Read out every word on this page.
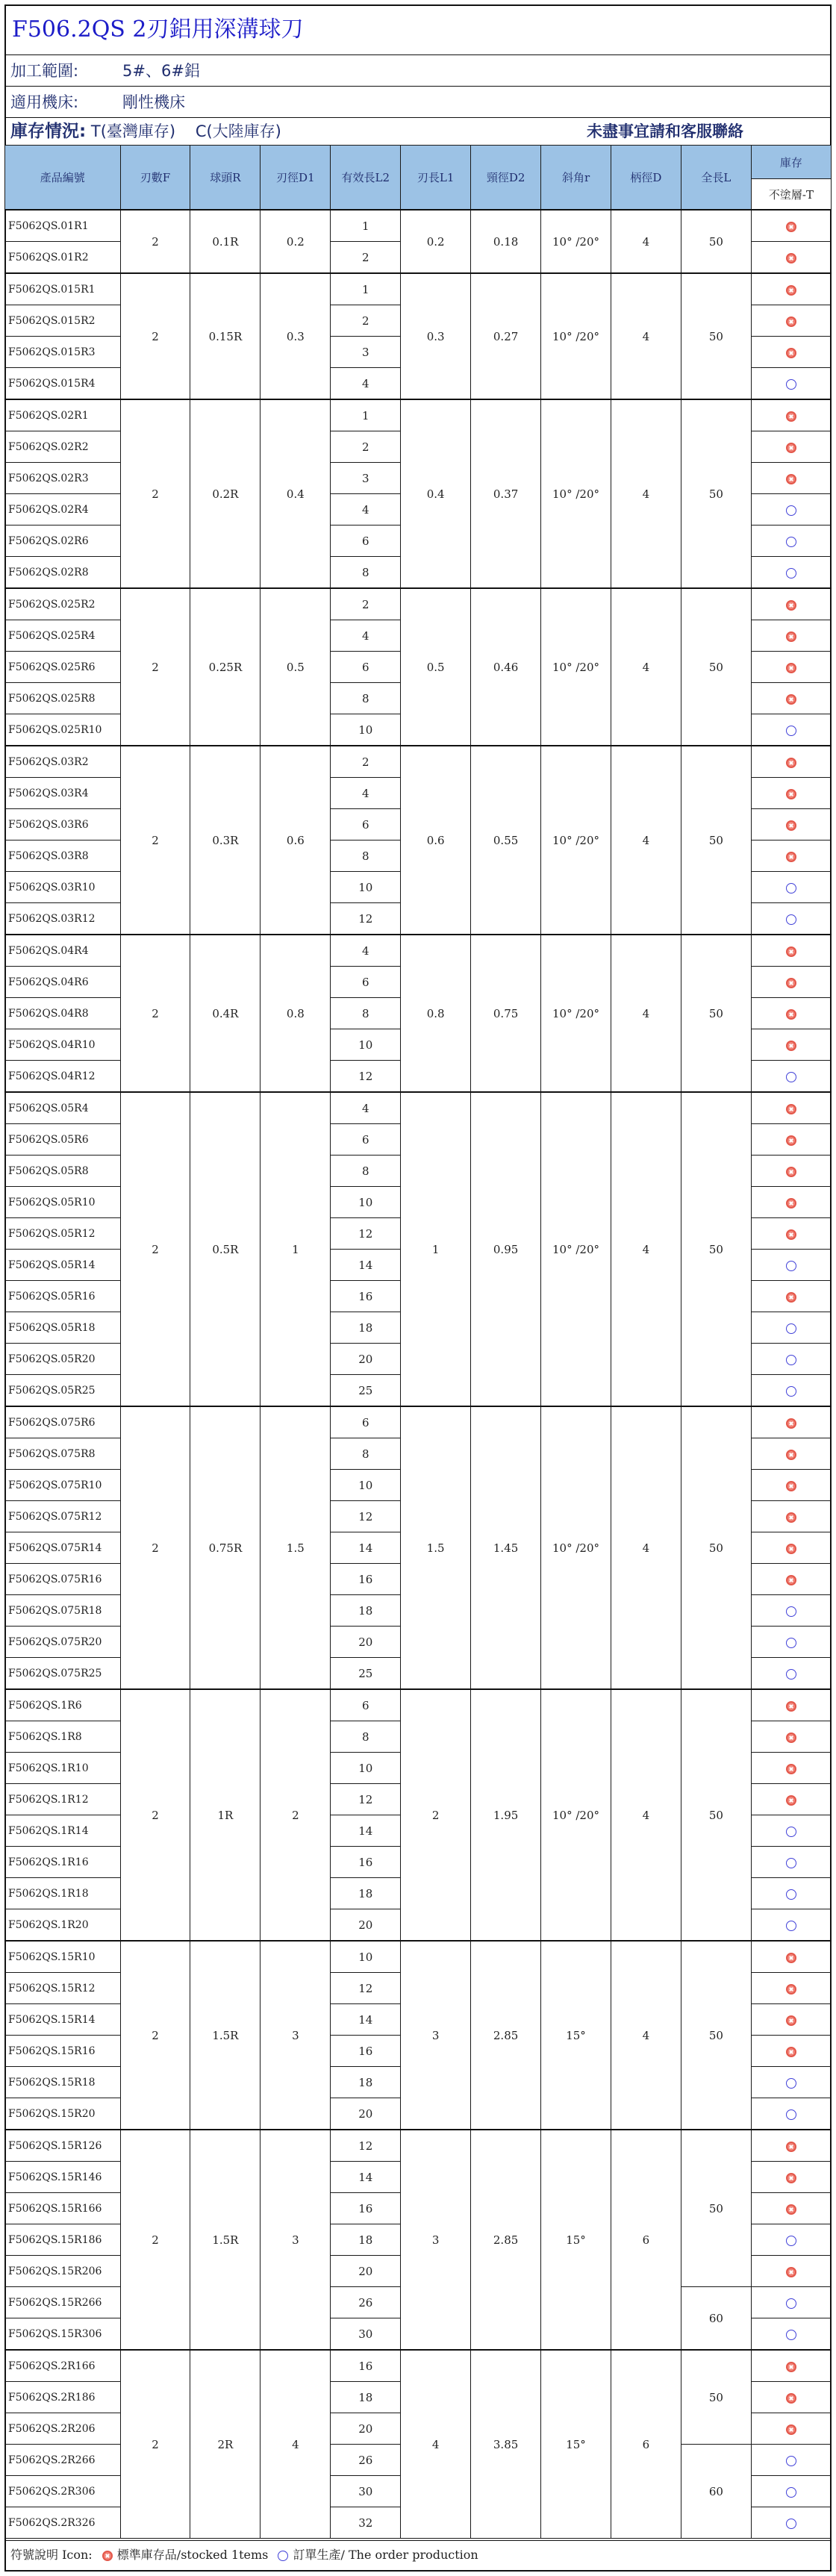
F506.2QS 2刃鋁用深溝球刀
加工範圍:	5#、6#鋁
適用機床:	剛性機床
庫存情況: T(臺灣庫存) C(大陸庫存)	未盡事宜請和客服聯絡
產品編號	刃數F	球頭R	刃徑D1	有效長L2	刃長L1	頸徑D2	斜角r	柄徑D	全長L	庫存
										不塗層-T
F5062QS.01R1	2	0.1R	0.2	1	0.2	0.18	10° /20°	4	50	
F5062QS.01R2				2						
F5062QS.015R1	2	0.15R	0.3	1	0.3	0.27	10° /20°	4	50	
F5062QS.015R2				2						
F5062QS.015R3				3						
F5062QS.015R4				4						
F5062QS.02R1	2	0.2R	0.4	1	0.4	0.37	10° /20°	4	50	
F5062QS.02R2				2						
F5062QS.02R3				3						
F5062QS.02R4				4						
F5062QS.02R6				6						
F5062QS.02R8				8						
F5062QS.025R2	2	0.25R	0.5	2	0.5	0.46	10° /20°	4	50	
F5062QS.025R4				4						
F5062QS.025R6				6						
F5062QS.025R8				8						
F5062QS.025R10				10						
F5062QS.03R2	2	0.3R	0.6	2	0.6	0.55	10° /20°	4	50	
F5062QS.03R4				4						
F5062QS.03R6				6						
F5062QS.03R8				8						
F5062QS.03R10				10						
F5062QS.03R12				12						
F5062QS.04R4	2	0.4R	0.8	4	0.8	0.75	10° /20°	4	50	
F5062QS.04R6				6						
F5062QS.04R8				8						
F5062QS.04R10				10						
F5062QS.04R12				12						
F5062QS.05R4	2	0.5R	1	4	1	0.95	10° /20°	4	50	
F5062QS.05R6				6						
F5062QS.05R8				8						
F5062QS.05R10				10						
F5062QS.05R12				12						
F5062QS.05R14				14						
F5062QS.05R16				16						
F5062QS.05R18				18						
F5062QS.05R20				20						
F5062QS.05R25				25						
F5062QS.075R6	2	0.75R	1.5	6	1.5	1.45	10° /20°	4	50	
F5062QS.075R8				8						
F5062QS.075R10				10						
F5062QS.075R12				12						
F5062QS.075R14				14						
F5062QS.075R16				16						
F5062QS.075R18				18						
F5062QS.075R20				20						
F5062QS.075R25				25						
F5062QS.1R6	2	1R	2	6	2	1.95	10° /20°	4	50	
F5062QS.1R8				8						
F5062QS.1R10				10						
F5062QS.1R12				12						
F5062QS.1R14				14						
F5062QS.1R16				16						
F5062QS.1R18				18						
F5062QS.1R20				20						
F5062QS.15R10	2	1.5R	3	10	3	2.85	15°	4	50	
F5062QS.15R12				12						
F5062QS.15R14				14						
F5062QS.15R16				16						
F5062QS.15R18				18						
F5062QS.15R20				20						
F5062QS.15R126	2	1.5R	3	12	3	2.85	15°	6	50	
F5062QS.15R146				14						
F5062QS.15R166				16						
F5062QS.15R186				18						
F5062QS.15R206				20						
F5062QS.15R266				26					60	
F5062QS.15R306				30						
F5062QS.2R166	2	2R	4	16	4	3.85	15°	6	50	
F5062QS.2R186				18						
F5062QS.2R206				20						
F5062QS.2R266				26					60	
F5062QS.2R306				30						
F5062QS.2R326				32						
符號說明 Icon: 標準庫存品/stocked 1tems 訂單生產/ The order production
